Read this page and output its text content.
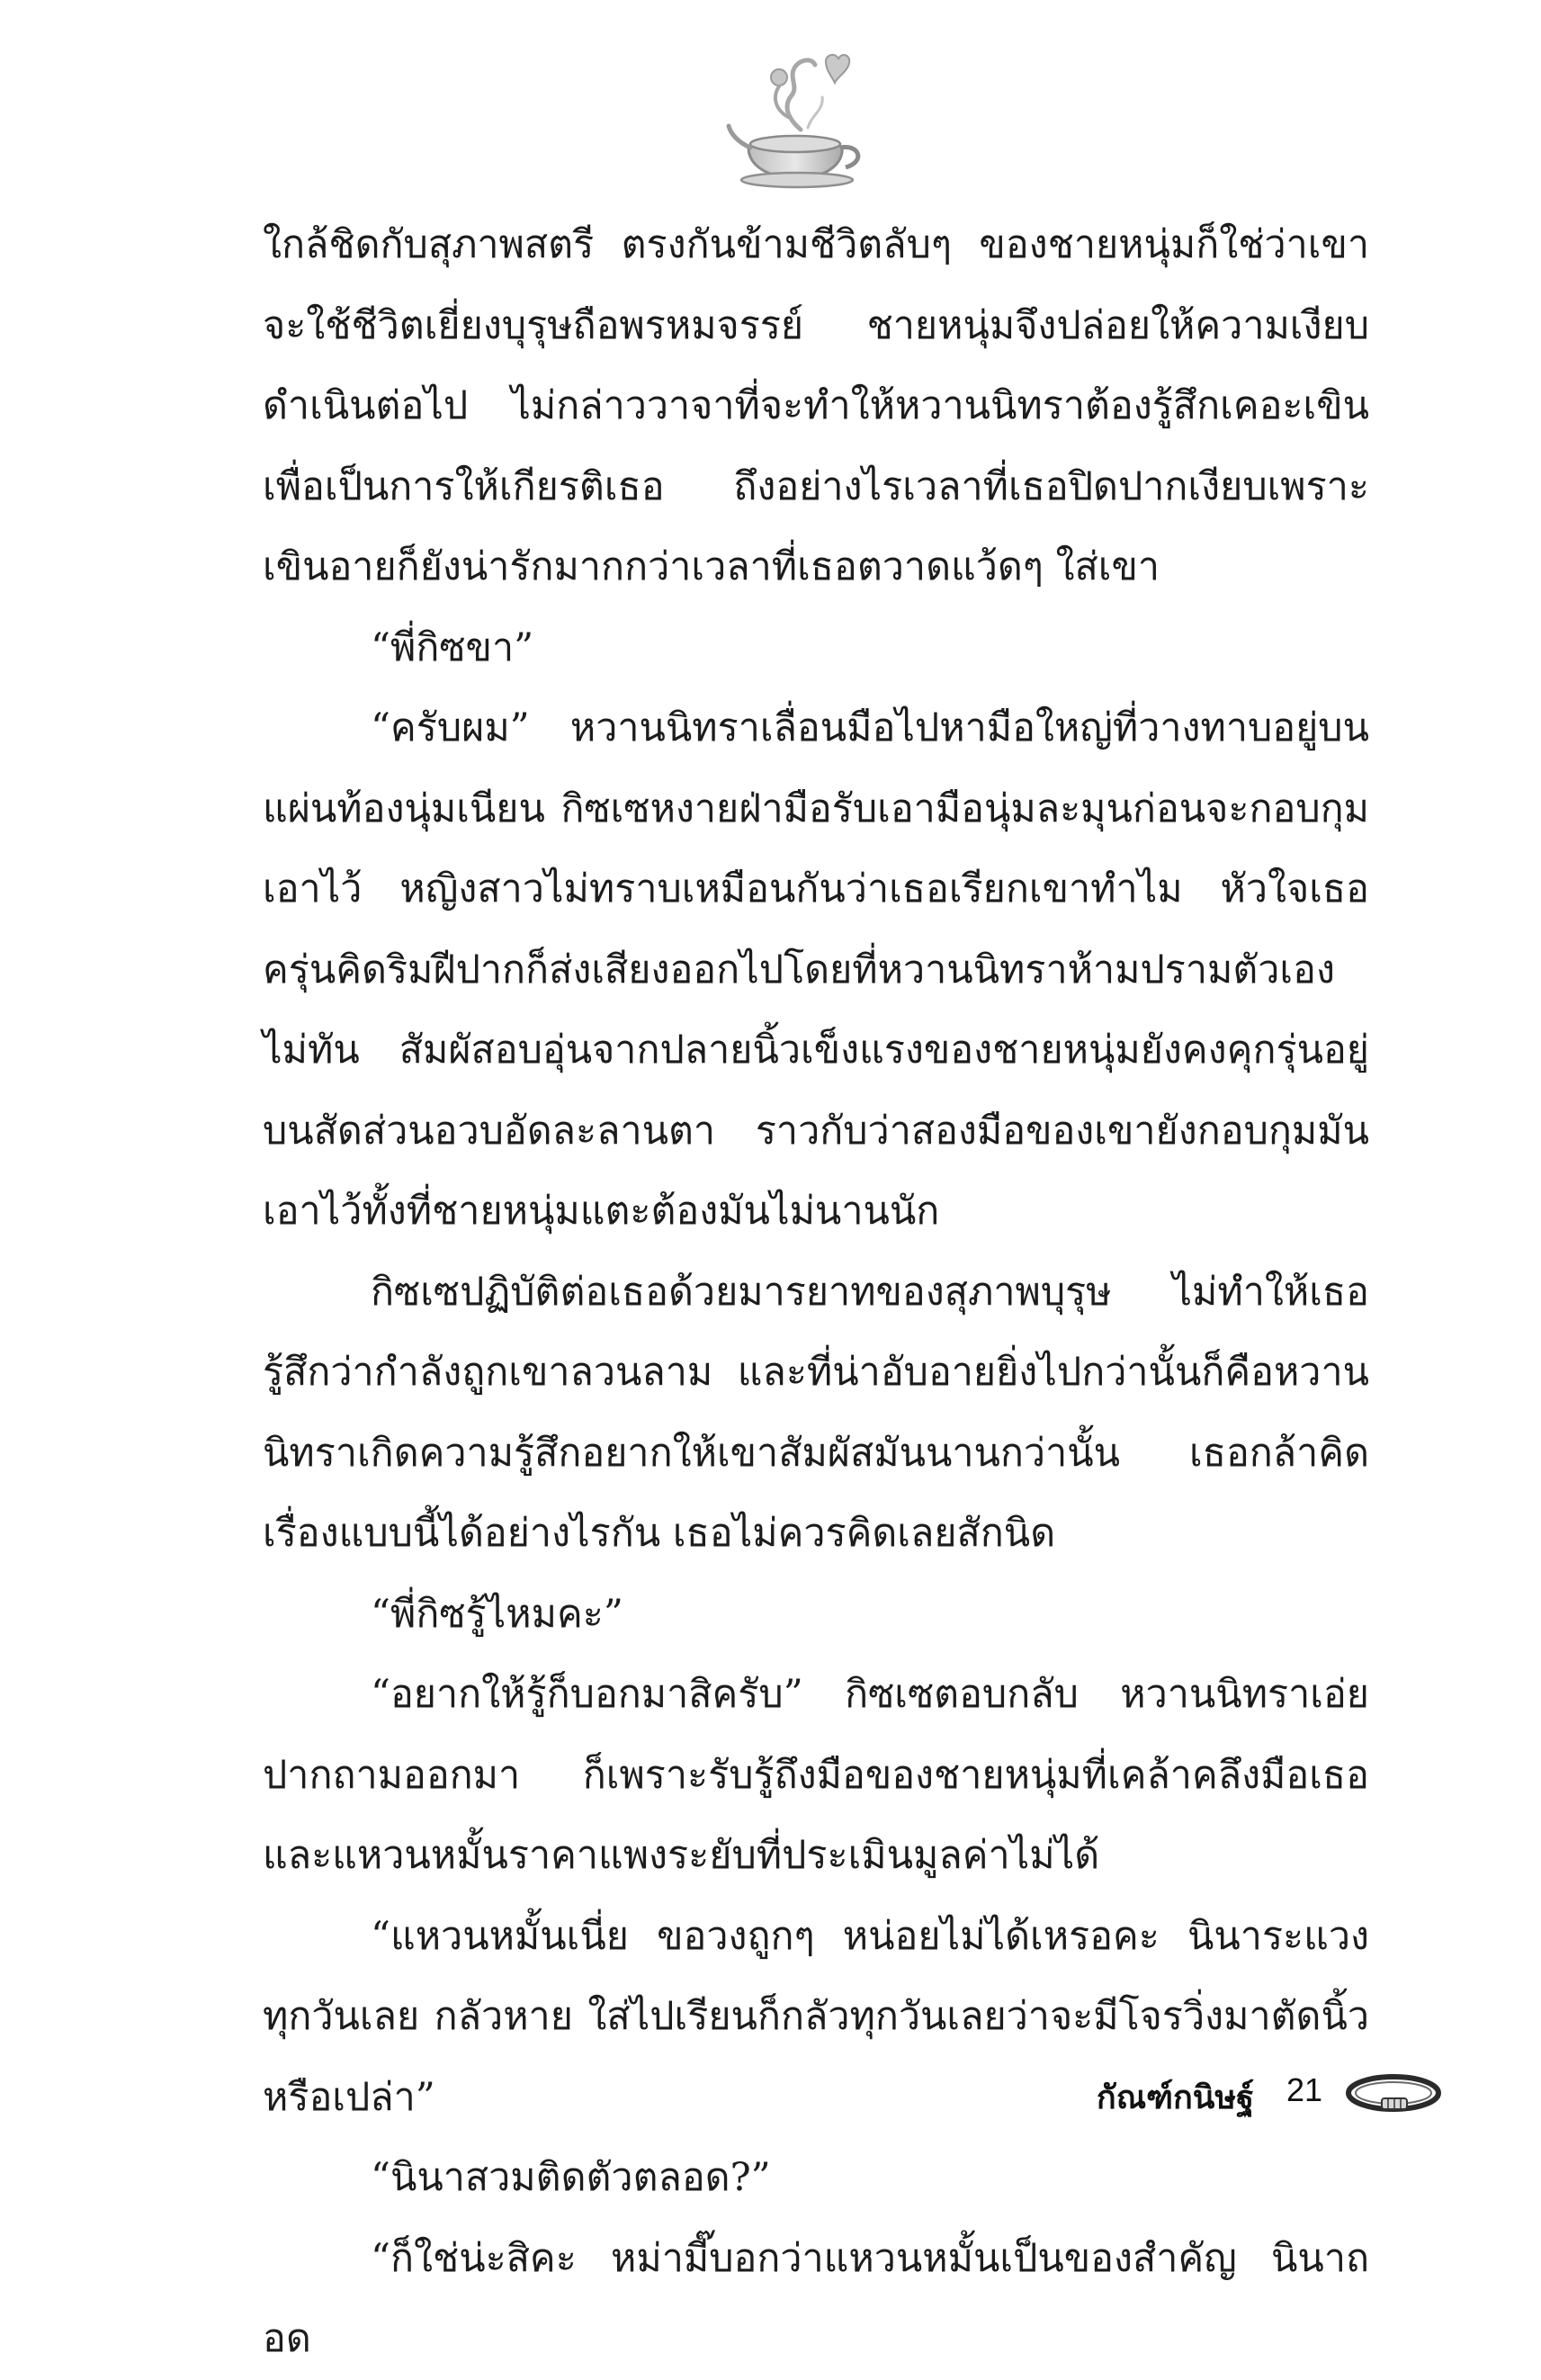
ใกล้ชิดกับสุภาพสตรี ตรงกันข้ามชีวิตลับๆ ของชายหนุ่มก็ใช่ว่าเขาจะใช้ชีวิตเยี่ยงบุรุษถือพรหมจรรย์ ชายหนุ่มจึงปล่อยให้ความเงียบดำเนินต่อไป ไม่กล่าววาจาที่จะทำให้หวานนิทราต้องรู้สึกเคอะเขิน เพื่อเป็นการให้เกียรติเธอ ถึงอย่างไรเวลาที่เธอปิดปากเงียบเพราะเขินอายก็ยังน่ารักมากกว่าเวลาที่เธอตวาดแว้ดๆ ใส่เขา

“พี่กิซขา”

“ครับผม” หวานนิทราเลื่อนมือไปหามือใหญ่ที่วางทาบอยู่บนแผ่นท้องนุ่มเนียน กิซเซหงายฝ่ามือรับเอามือนุ่มละมุนก่อนจะกอบกุมเอาไว้ หญิงสาวไม่ทราบเหมือนกันว่าเธอเรียกเขาทำไม หัวใจเธอครุ่นคิดริมฝีปากก็ส่งเสียงออกไปโดยที่หวานนิทราห้ามปรามตัวเองไม่ทัน สัมผัสอบอุ่นจากปลายนิ้วเข็งแรงของชายหนุ่มยังคงคุกรุ่นอยู่บนสัดส่วนอวบอัดละลานตา ราวกับว่าสองมือของเขายังกอบกุมมันเอาไว้ทั้งที่ชายหนุ่มแตะต้องมันไม่นานนัก

กิซเซปฏิบัติต่อเธอด้วยมารยาทของสุภาพบุรุษ ไม่ทำให้เธอรู้สึกว่ากำลังถูกเขาลวนลาม และที่น่าอับอายยิ่งไปกว่านั้นก็คือหวานนิทราเกิดความรู้สึกอยากให้เขาสัมผัสมันนานกว่านั้น เธอกล้าคิดเรื่องแบบนี้ได้อย่างไรกัน เธอไม่ควรคิดเลยสักนิด

“พี่กิซรู้ไหมคะ”

“อยากให้รู้ก็บอกมาสิครับ” กิซเซตอบกลับ หวานนิทราเอ่ยปากถามออกมา ก็เพราะรับรู้ถึงมือของชายหนุ่มที่เคล้าคลึงมือเธอและแหวนหมั้นราคาแพงระยับที่ประเมินมูลค่าไม่ได้

“แหวนหมั้นเนี่ย ขอวงถูกๆ หน่อยไม่ได้เหรอคะ นินาระแวงทุกวันเลย กลัวหาย ใส่ไปเรียนก็กลัวทุกวันเลยว่าจะมีโจรวิ่งมาตัดนิ้วหรือเปล่า”

“นินาสวมติดตัวตลอด?”

“ก็ใช่น่ะสิคะ หม่ามี๊บอกว่าแหวนหมั้นเป็นของสำคัญ นินาถอด

กัณฑ์กนิษฐ์ 21
